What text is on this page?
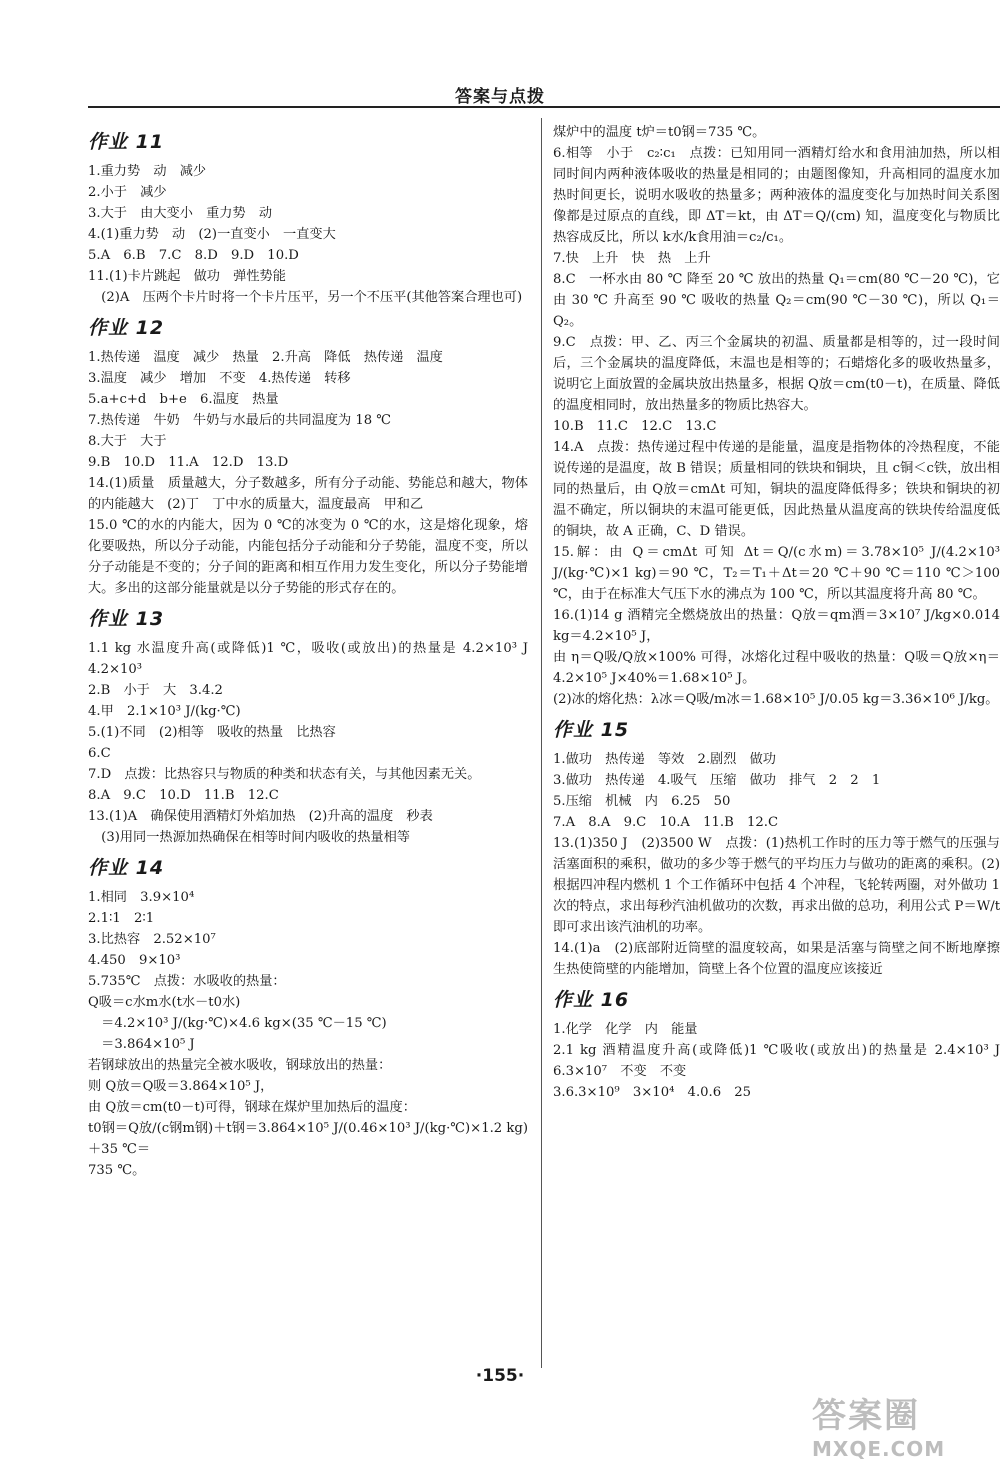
答案与点拨
作业 11
1.重力势　动　减少
2.小于　减少
3.大于　由大变小　重力势　动
4.(1)重力势　动　(2)一直变小　一直变大
5.A　6.B　7.C　8.D　9.D　10.D
11.(1)卡片跳起　做功　弹性势能
　(2)A　压两个卡片时将一个卡片压平，另一个不压平(其他答案合理也可)
作业 12
1.热传递　温度　减少　热量　2.升高　降低　热传递　温度
3.温度　减少　增加　不变　4.热传递　转移
5.a+c+d　b+e　6.温度　热量
7.热传递　牛奶　牛奶与水最后的共同温度为 18 ℃
8.大于　大于
9.B　10.D　11.A　12.D　13.D
14.(1)质量　质量越大，分子数越多，所有分子动能、势能总和越大，物体的内能越大　(2)丁　丁中水的质量大，温度最高　甲和乙
15.0 ℃的水的内能大，因为 0 ℃的冰变为 0 ℃的水，这是熔化现象，熔化要吸热，所以分子动能，内能包括分子动能和分子势能，温度不变，所以分子动能是不变的；分子间的距离和相互作用力发生变化，所以分子势能增大。多出的这部分能量就是以分子势能的形式存在的。
作业 13
1.1 kg 水温度升高(或降低)1 ℃，吸收(或放出)的热量是 4.2×10³ J　4.2×10³
2.B　小于　大　3.4.2
4.甲　2.1×10³ J/(kg·℃)
5.(1)不同　(2)相等　吸收的热量　比热容
6.C
7.D　点拨：比热容只与物质的种类和状态有关，与其他因素无关。
8.A　9.C　10.D　11.B　12.C
13.(1)A　确保使用酒精灯外焰加热　(2)升高的温度　秒表
　(3)用同一热源加热确保在相等时间内吸收的热量相等
作业 14
1.相同　3.9×10⁴
2.1∶1　2∶1
3.比热容　2.52×10⁷
4.450　9×10³
5.735℃　点拨：水吸收的热量：
Q吸＝c水m水(t水－t0水)
　＝4.2×10³ J/(kg·℃)×4.6 kg×(35 ℃－15 ℃)
　＝3.864×10⁵ J
若钢球放出的热量完全被水吸收，钢球放出的热量：
则 Q放＝Q吸＝3.864×10⁵ J，
由 Q放＝cm(t0－t)可得，钢球在煤炉里加热后的温度：
t0钢＝Q放/(c钢m钢)＋t钢＝3.864×10⁵ J/(0.46×10³ J/(kg·℃)×1.2 kg)＋35 ℃＝
735 ℃。
煤炉中的温度 t炉＝t0钢＝735 ℃。
6.相等　小于　c₂∶c₁　点拨：已知用同一酒精灯给水和食用油加热，所以相同时间内两种液体吸收的热量是相同的；由题图像知，升高相同的温度水加热时间更长，说明水吸收的热量多；两种液体的温度变化与加热时间关系图像都是过原点的直线，即 ΔT＝kt，由 ΔT＝Q/(cm) 知，温度变化与物质比热容成反比，所以 k水/k食用油＝c₂/c₁。
7.快　上升　快　热　上升
8.C　一杯水由 80 ℃ 降至 20 ℃ 放出的热量 Q₁＝cm(80 ℃－20 ℃)，它由 30 ℃ 升高至 90 ℃ 吸收的热量 Q₂＝cm(90 ℃－30 ℃)，所以 Q₁＝Q₂。
9.C　点拨：甲、乙、丙三个金属块的初温、质量都是相等的，过一段时间后，三个金属块的温度降低，末温也是相等的；石蜡熔化多的吸收热量多，说明它上面放置的金属块放出热量多，根据 Q放＝cm(t0－t)，在质量、降低的温度相同时，放出热量多的物质比热容大。
10.B　11.C　12.C　13.C
14.A　点拨：热传递过程中传递的是能量，温度是指物体的冷热程度，不能说传递的是温度，故 B 错误；质量相同的铁块和铜块，且 c铜＜c铁，放出相同的热量后，由 Q放＝cmΔt 可知，铜块的温度降低得多；铁块和铜块的初温不确定，所以铜块的末温可能更低，因此热量从温度高的铁块传给温度低的铜块，故 A 正确，C、D 错误。
15.解：由 Q＝cmΔt 可知 Δt＝Q/(c水m)＝3.78×10⁵ J/(4.2×10³ J/(kg·℃)×1 kg)＝90 ℃，T₂＝T₁＋Δt＝20 ℃＋90 ℃＝110 ℃＞100 ℃，由于在标准大气压下水的沸点为 100 ℃，所以其温度将升高 80 ℃。
16.(1)14 g 酒精完全燃烧放出的热量：Q放＝qm酒＝3×10⁷ J/kg×0.014 kg＝4.2×10⁵ J，
由 η＝Q吸/Q放×100% 可得，冰熔化过程中吸收的热量：Q吸＝Q放×η＝4.2×10⁵ J×40%＝1.68×10⁵ J。
(2)冰的熔化热：λ冰＝Q吸/m冰＝1.68×10⁵ J/0.05 kg＝3.36×10⁶ J/kg。
作业 15
1.做功　热传递　等效　2.剧烈　做功
3.做功　热传递　4.吸气　压缩　做功　排气　2　2　1
5.压缩　机械　内　6.25　50
7.A　8.A　9.C　10.A　11.B　12.C
13.(1)350 J　(2)3500 W　点拨：(1)热机工作时的压力等于燃气的压强与活塞面积的乘积，做功的多少等于燃气的平均压力与做功的距离的乘积。(2)根据四冲程内燃机 1 个工作循环中包括 4 个冲程，飞轮转两圈，对外做功 1 次的特点，求出每秒汽油机做功的次数，再求出做的总功，利用公式 P＝W/t 即可求出该汽油机的功率。
14.(1)a　(2)底部附近筒壁的温度较高，如果是活塞与筒壁之间不断地摩擦生热使筒壁的内能增加，筒壁上各个位置的温度应该接近
作业 16
1.化学　化学　内　能量
2.1 kg 酒精温度升高(或降低)1 ℃吸收(或放出)的热量是 2.4×10³ J　6.3×10⁷　不变　不变
3.6.3×10⁹　3×10⁴　4.0.6　25
·155·
答案圈
MXQE.COM
